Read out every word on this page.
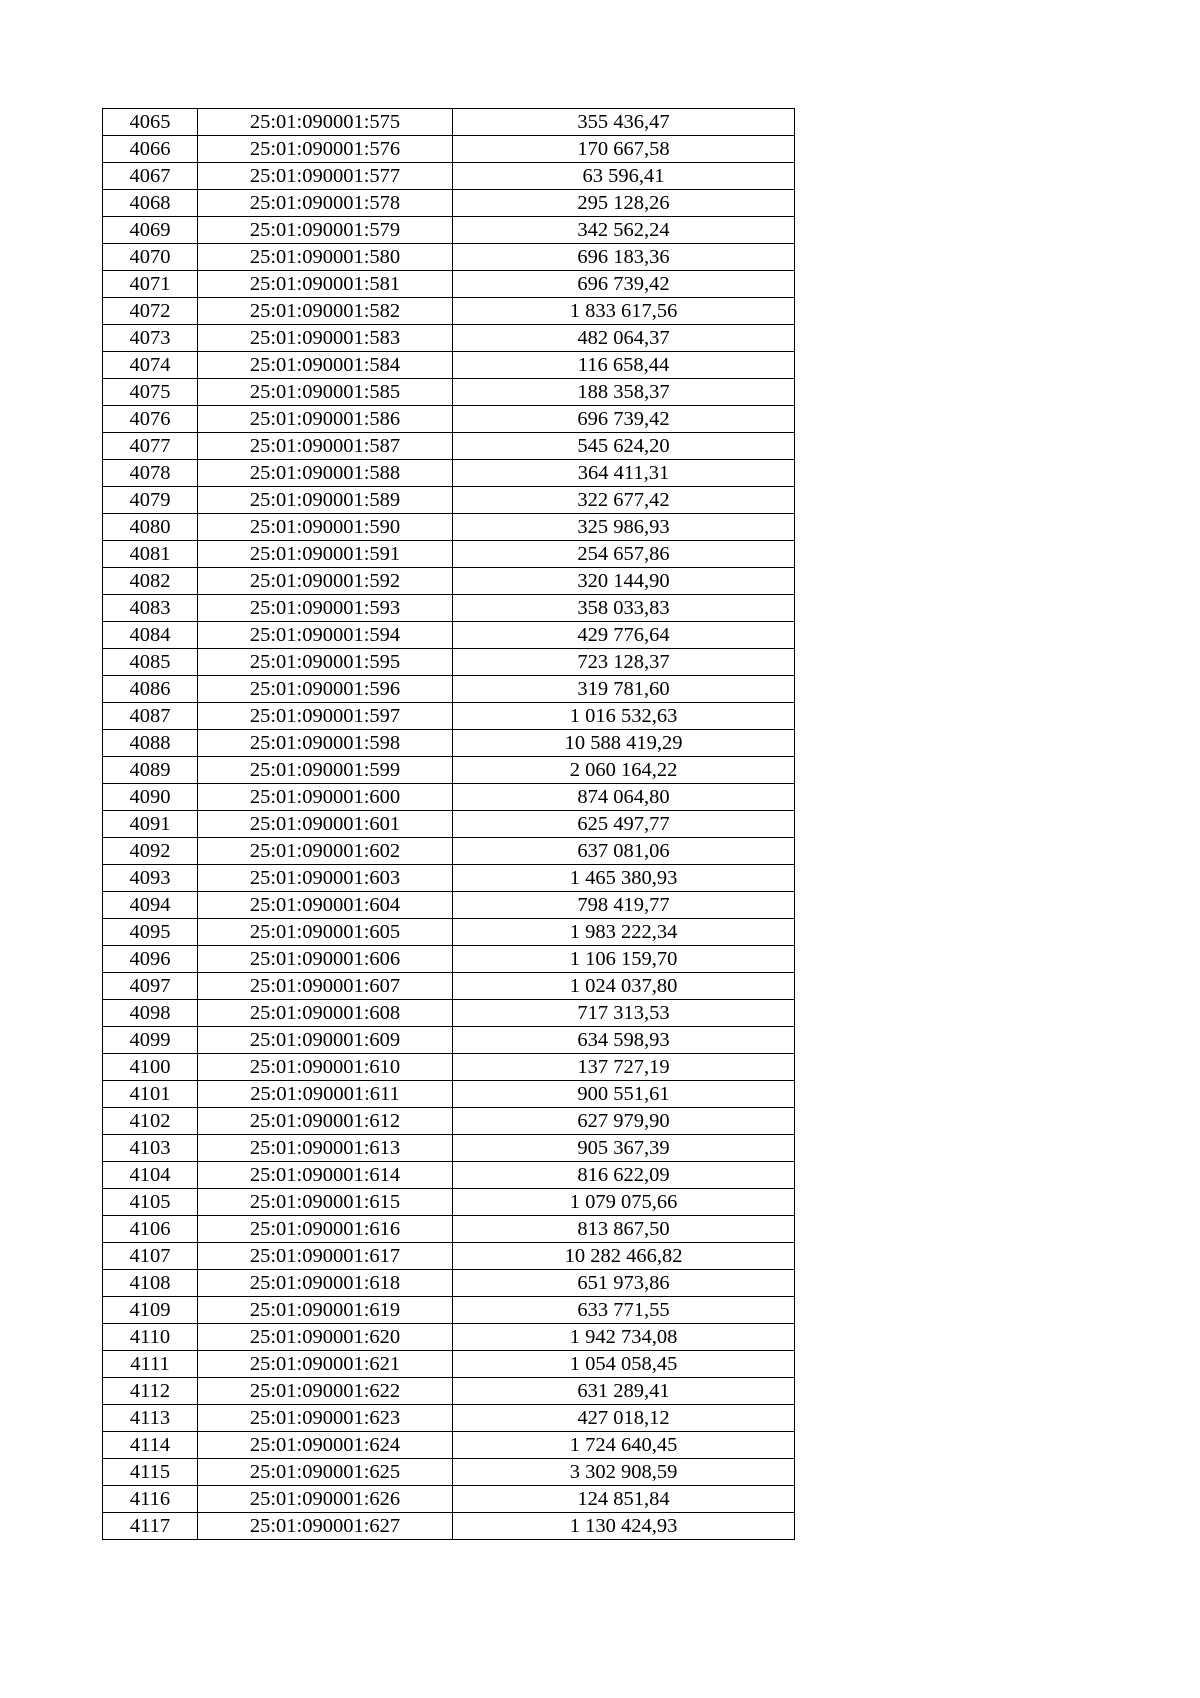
4065	25:01:090001:575	355 436,47
4066	25:01:090001:576	170 667,58
4067	25:01:090001:577	63 596,41
4068	25:01:090001:578	295 128,26
4069	25:01:090001:579	342 562,24
4070	25:01:090001:580	696 183,36
4071	25:01:090001:581	696 739,42
4072	25:01:090001:582	1 833 617,56
4073	25:01:090001:583	482 064,37
4074	25:01:090001:584	116 658,44
4075	25:01:090001:585	188 358,37
4076	25:01:090001:586	696 739,42
4077	25:01:090001:587	545 624,20
4078	25:01:090001:588	364 411,31
4079	25:01:090001:589	322 677,42
4080	25:01:090001:590	325 986,93
4081	25:01:090001:591	254 657,86
4082	25:01:090001:592	320 144,90
4083	25:01:090001:593	358 033,83
4084	25:01:090001:594	429 776,64
4085	25:01:090001:595	723 128,37
4086	25:01:090001:596	319 781,60
4087	25:01:090001:597	1 016 532,63
4088	25:01:090001:598	10 588 419,29
4089	25:01:090001:599	2 060 164,22
4090	25:01:090001:600	874 064,80
4091	25:01:090001:601	625 497,77
4092	25:01:090001:602	637 081,06
4093	25:01:090001:603	1 465 380,93
4094	25:01:090001:604	798 419,77
4095	25:01:090001:605	1 983 222,34
4096	25:01:090001:606	1 106 159,70
4097	25:01:090001:607	1 024 037,80
4098	25:01:090001:608	717 313,53
4099	25:01:090001:609	634 598,93
4100	25:01:090001:610	137 727,19
4101	25:01:090001:611	900 551,61
4102	25:01:090001:612	627 979,90
4103	25:01:090001:613	905 367,39
4104	25:01:090001:614	816 622,09
4105	25:01:090001:615	1 079 075,66
4106	25:01:090001:616	813 867,50
4107	25:01:090001:617	10 282 466,82
4108	25:01:090001:618	651 973,86
4109	25:01:090001:619	633 771,55
4110	25:01:090001:620	1 942 734,08
4111	25:01:090001:621	1 054 058,45
4112	25:01:090001:622	631 289,41
4113	25:01:090001:623	427 018,12
4114	25:01:090001:624	1 724 640,45
4115	25:01:090001:625	3 302 908,59
4116	25:01:090001:626	124 851,84
4117	25:01:090001:627	1 130 424,93
